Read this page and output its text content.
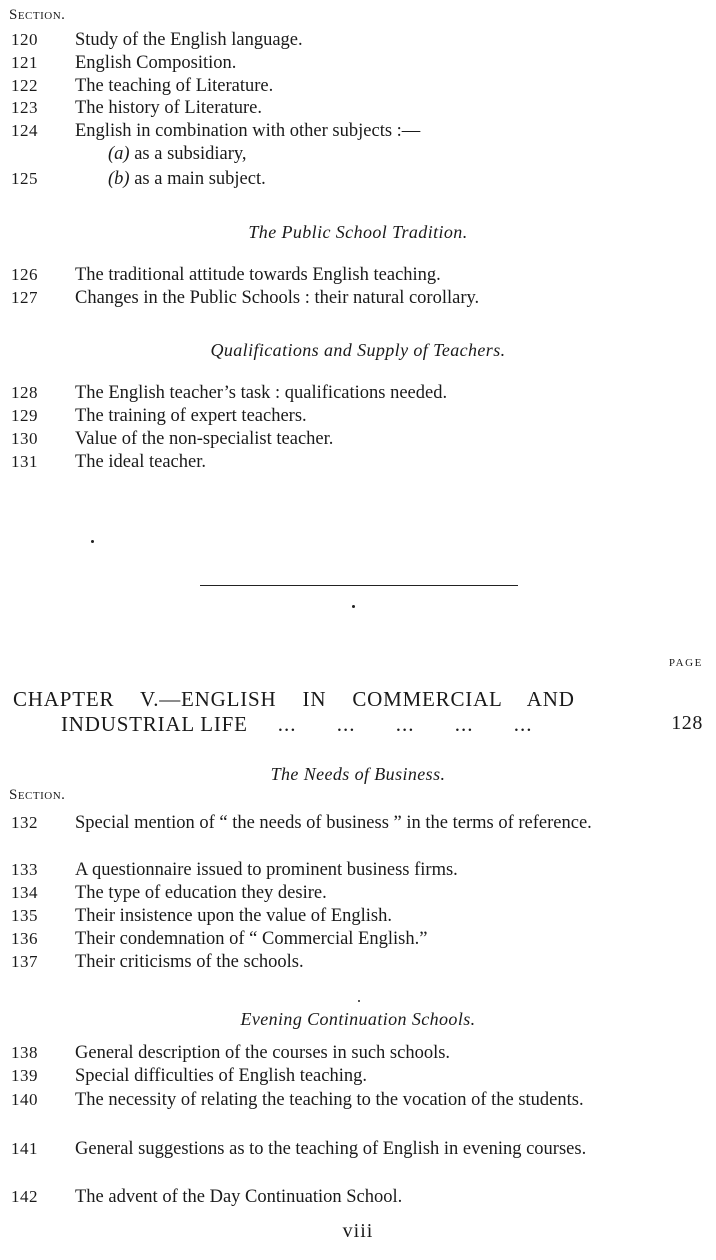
Section.
120	Study of the English language.
121	English Composition.
122	The teaching of Literature.
123	The history of Literature.
124	English in combination with other subjects :—
(a) as a subsidiary,
125	(b) as a main subject.
The Public School Tradition.
126	The traditional attitude towards English teaching.
127	Changes in the Public Schools : their natural corollary.
Qualifications and Supply of Teachers.
128	The English teacher’s task : qualifications needed.
129	The training of expert teachers.
130	Value of the non-specialist teacher.
131	The ideal teacher.
PAGE
CHAPTER V.—ENGLISH IN COMMERCIAL AND
INDUSTRIAL LIFE ... ... ... ... ...	128
The Needs of Business.
Section.
132	Special mention of “ the needs of business ” in the terms of reference.
133	A questionnaire issued to prominent business firms.
134	The type of education they desire.
135	Their insistence upon the value of English.
136	Their condemnation of “ Commercial English.”
137	Their criticisms of the schools.
Evening Continuation Schools.
138	General description of the courses in such schools.
139	Special difficulties of English teaching.
140	The necessity of relating the teaching to the vocation of the students.
141	General suggestions as to the teaching of English in evening courses.
142	The advent of the Day Continuation School.
viii
